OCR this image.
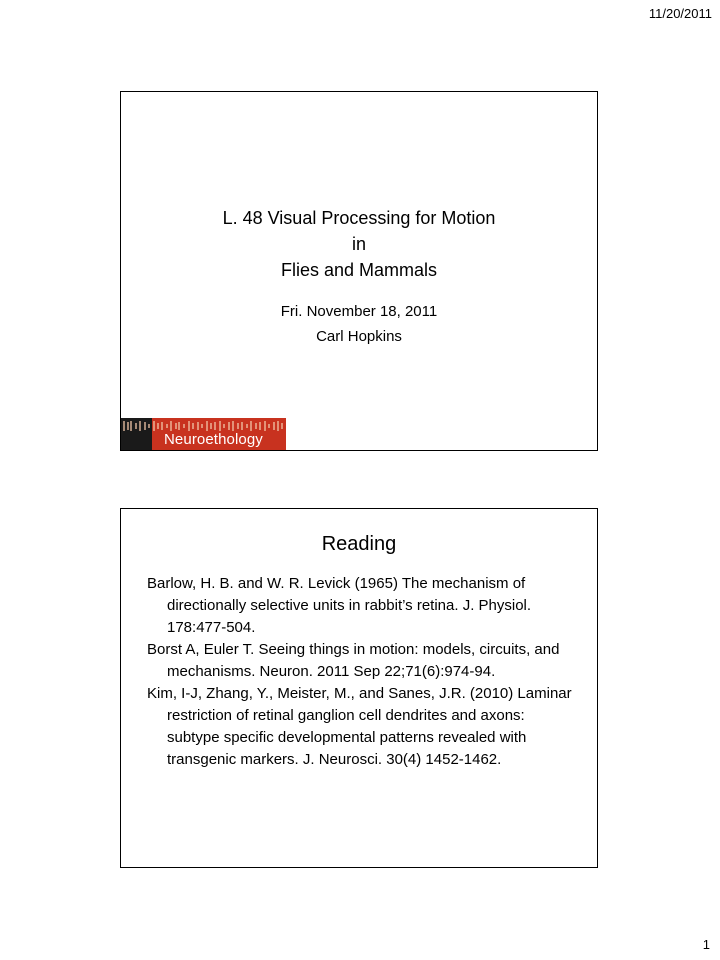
11/20/2011
L. 48 Visual Processing for Motion
in
Flies and Mammals
Fri. November 18, 2011
Carl Hopkins
Neuroethology
Reading
Barlow, H. B. and W. R. Levick (1965) The mechanism of directionally selective units in rabbit’s retina. J. Physiol. 178:477-504.
Borst A, Euler T. Seeing things in motion: models, circuits, and mechanisms. Neuron. 2011 Sep 22;71(6):974-94.
Kim, I-J, Zhang, Y., Meister, M., and Sanes, J.R. (2010) Laminar restriction of retinal ganglion cell dendrites and axons: subtype specific developmental patterns revealed with transgenic markers. J. Neurosci. 30(4) 1452-1462.
1
